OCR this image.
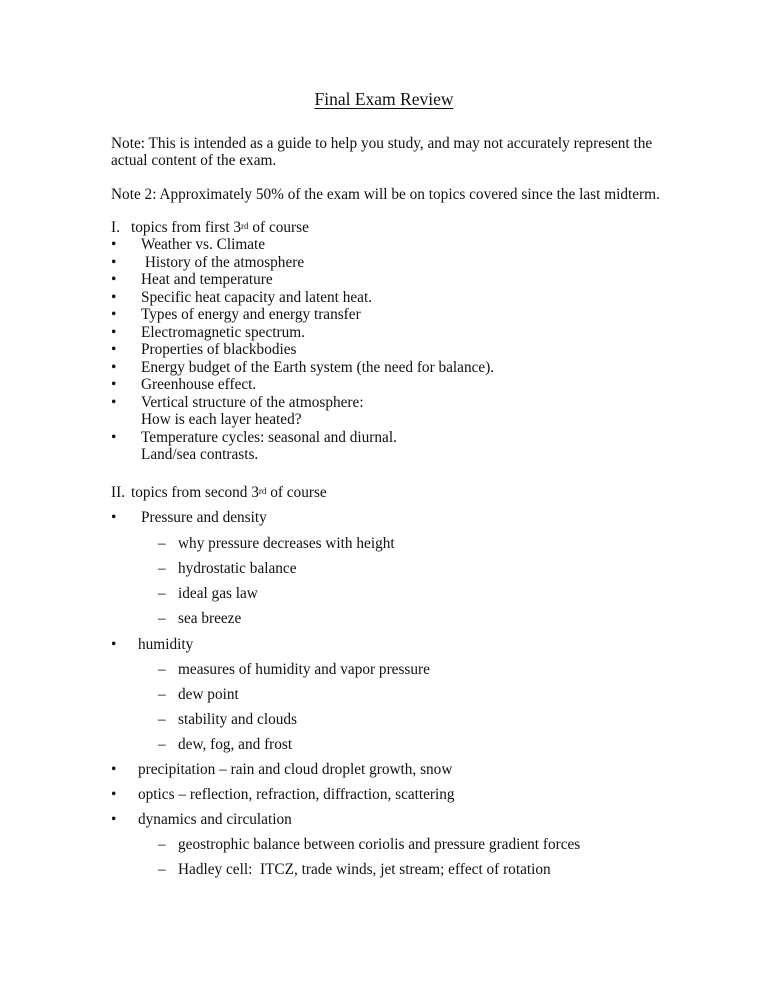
Final Exam Review
Note: This is intended as a guide to help you study, and may not accurately represent the
actual content of the exam.
Note 2: Approximately 50% of the exam will be on topics covered since the last midterm.
I. topics from first 3rd of course
•	Weather vs. Climate
•	History of the atmosphere
•	Heat and temperature
•	Specific heat capacity and latent heat.
•	Types of energy and energy transfer
•	Electromagnetic spectrum.
•	Properties of blackbodies
•	Energy budget of the Earth system (the need for balance).
•	Greenhouse effect.
•	Vertical structure of the atmosphere:
How is each layer heated?
•	Temperature cycles: seasonal and diurnal.
Land/sea contrasts.
II. topics from second 3rd of course
• Pressure and density
– why pressure decreases with height
– hydrostatic balance
– ideal gas law
– sea breeze
• humidity
– measures of humidity and vapor pressure
– dew point
– stability and clouds
– dew, fog, and frost
• precipitation – rain and cloud droplet growth, snow
• optics – reflection, refraction, diffraction, scattering
• dynamics and circulation
– geostrophic balance between coriolis and pressure gradient forces
– Hadley cell:  ITCZ, trade winds, jet stream; effect of rotation
